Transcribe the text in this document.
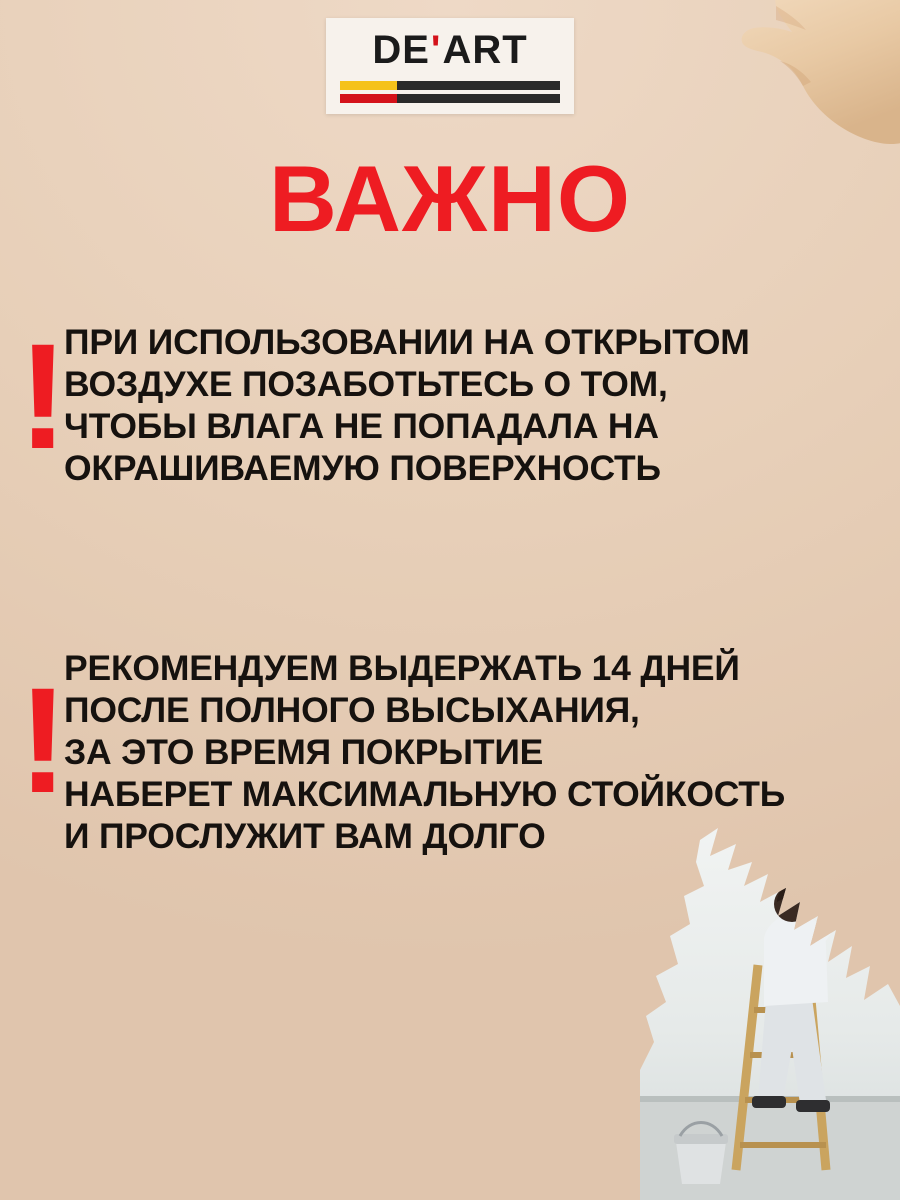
DE ' ART
ВАЖНО
!
ПРИ ИСПОЛЬЗОВАНИИ НА ОТКРЫТОМ
ВОЗДУХЕ ПОЗАБОТЬТЕСЬ О ТОМ,
ЧТОБЫ ВЛАГА НЕ ПОПАДАЛА НА
ОКРАШИВАЕМУЮ ПОВЕРХНОСТЬ
!
РЕКОМЕНДУЕМ ВЫДЕРЖАТЬ 14 ДНЕЙ
ПОСЛЕ ПОЛНОГО ВЫСЫХАНИЯ,
ЗА ЭТО ВРЕМЯ ПОКРЫТИЕ
НАБЕРЕТ МАКСИМАЛЬНУЮ СТОЙКОСТЬ
И ПРОСЛУЖИТ ВАМ ДОЛГО
